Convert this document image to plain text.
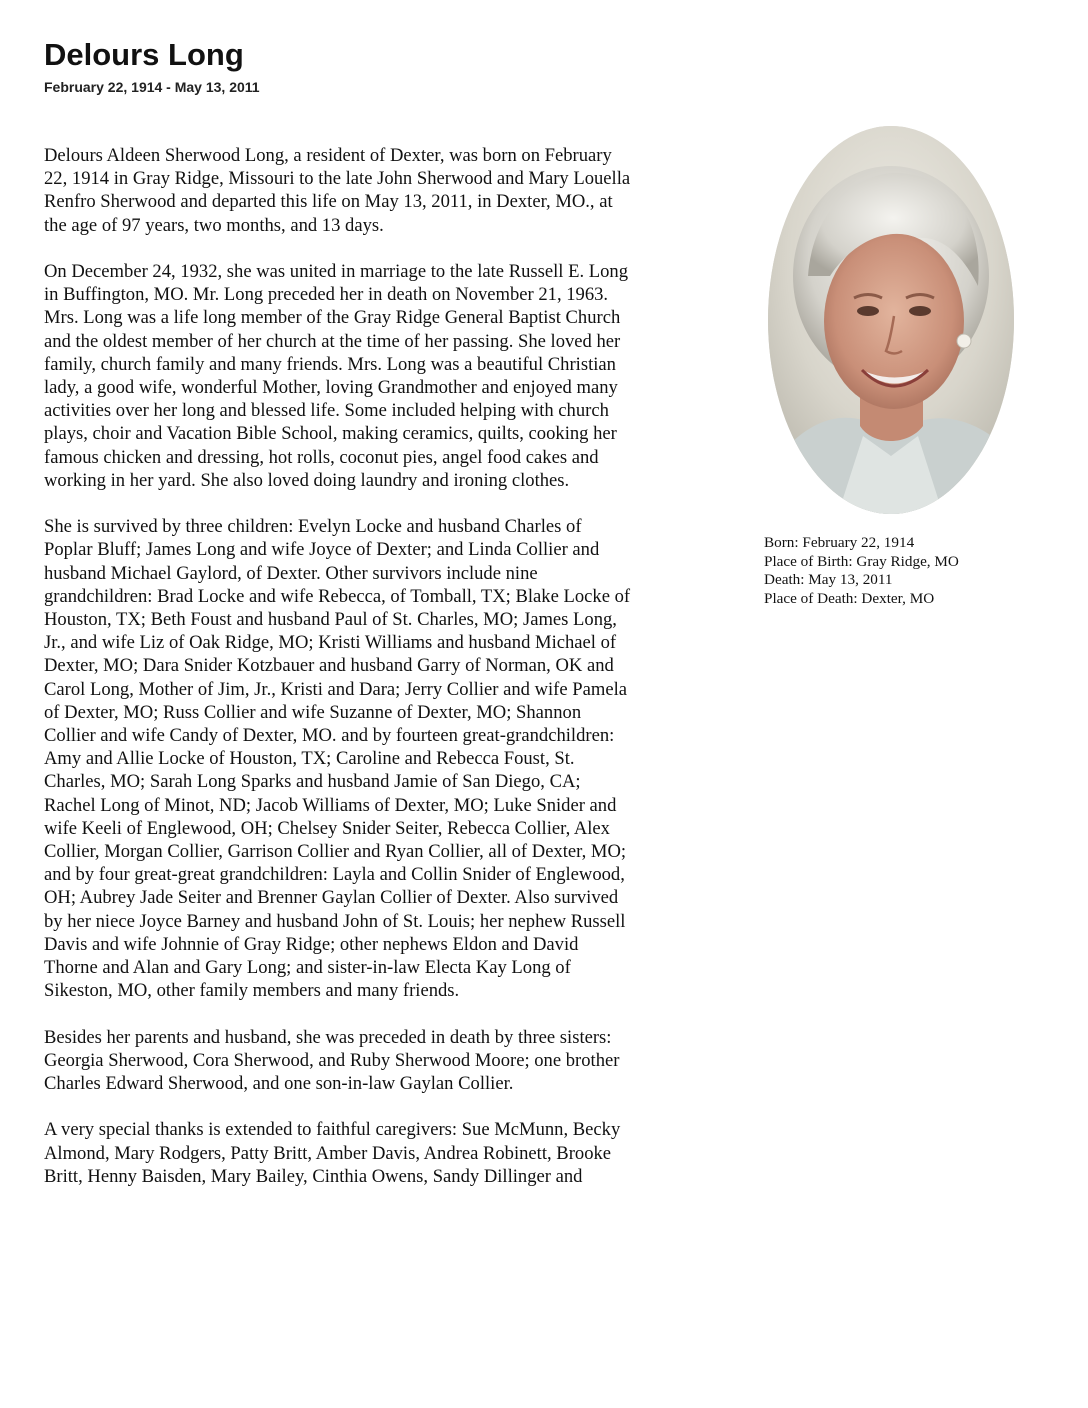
Delours Long
February 22, 1914 - May 13, 2011

Delours Aldeen Sherwood Long, a resident of Dexter, was born on February
22, 1914 in Gray Ridge, Missouri to the late John Sherwood and Mary Louella
Renfro Sherwood and departed this life on May 13, 2011, in Dexter, MO., at
the age of 97 years, two months, and 13 days.

On December 24, 1932, she was united in marriage to the late Russell E. Long
in Buffington, MO. Mr. Long preceded her in death on November 21, 1963.
Mrs. Long was a life long member of the Gray Ridge General Baptist Church
and the oldest member of her church at the time of her passing. She loved her
family, church family and many friends. Mrs. Long was a beautiful Christian
lady, a good wife, wonderful Mother, loving Grandmother and enjoyed many
activities over her long and blessed life. Some included helping with church
plays, choir and Vacation Bible School, making ceramics, quilts, cooking her
famous chicken and dressing, hot rolls, coconut pies, angel food cakes and
working in her yard. She also loved doing laundry and ironing clothes.

She is survived by three children: Evelyn Locke and husband Charles of
Poplar Bluff; James Long and wife Joyce of Dexter; and Linda Collier and
husband Michael Gaylord, of Dexter. Other survivors include nine
grandchildren: Brad Locke and wife Rebecca, of Tomball, TX; Blake Locke of
Houston, TX; Beth Foust and husband Paul of St. Charles, MO; James Long,
Jr., and wife Liz of Oak Ridge, MO; Kristi Williams and husband Michael of
Dexter, MO; Dara Snider Kotzbauer and husband Garry of Norman, OK and
Carol Long, Mother of Jim, Jr., Kristi and Dara; Jerry Collier and wife Pamela
of Dexter, MO; Russ Collier and wife Suzanne of Dexter, MO; Shannon
Collier and wife Candy of Dexter, MO. and by fourteen great-grandchildren:
Amy and Allie Locke of Houston, TX; Caroline and Rebecca Foust, St.
Charles, MO; Sarah Long Sparks and husband Jamie of San Diego, CA;
Rachel Long of Minot, ND; Jacob Williams of Dexter, MO; Luke Snider and
wife Keeli of Englewood, OH; Chelsey Snider Seiter, Rebecca Collier, Alex
Collier, Morgan Collier, Garrison Collier and Ryan Collier, all of Dexter, MO;
and by four great-great grandchildren: Layla and Collin Snider of Englewood,
OH; Aubrey Jade Seiter and Brenner Gaylan Collier of Dexter. Also survived
by her niece Joyce Barney and husband John of St. Louis; her nephew Russell
Davis and wife Johnnie of Gray Ridge; other nephews Eldon and David
Thorne and Alan and Gary Long; and sister-in-law Electa Kay Long of
Sikeston, MO, other family members and many friends.

Besides her parents and husband, she was preceded in death by three sisters:
Georgia Sherwood, Cora Sherwood, and Ruby Sherwood Moore; one brother
Charles Edward Sherwood, and one son-in-law Gaylan Collier.

A very special thanks is extended to faithful caregivers: Sue McMunn, Becky
Almond, Mary Rodgers, Patty Britt, Amber Davis, Andrea Robinett, Brooke
Britt, Henny Baisden, Mary Bailey, Cinthia Owens, Sandy Dillinger and

Born: February 22, 1914
Place of Birth: Gray Ridge, MO
Death: May 13, 2011
Place of Death: Dexter, MO
